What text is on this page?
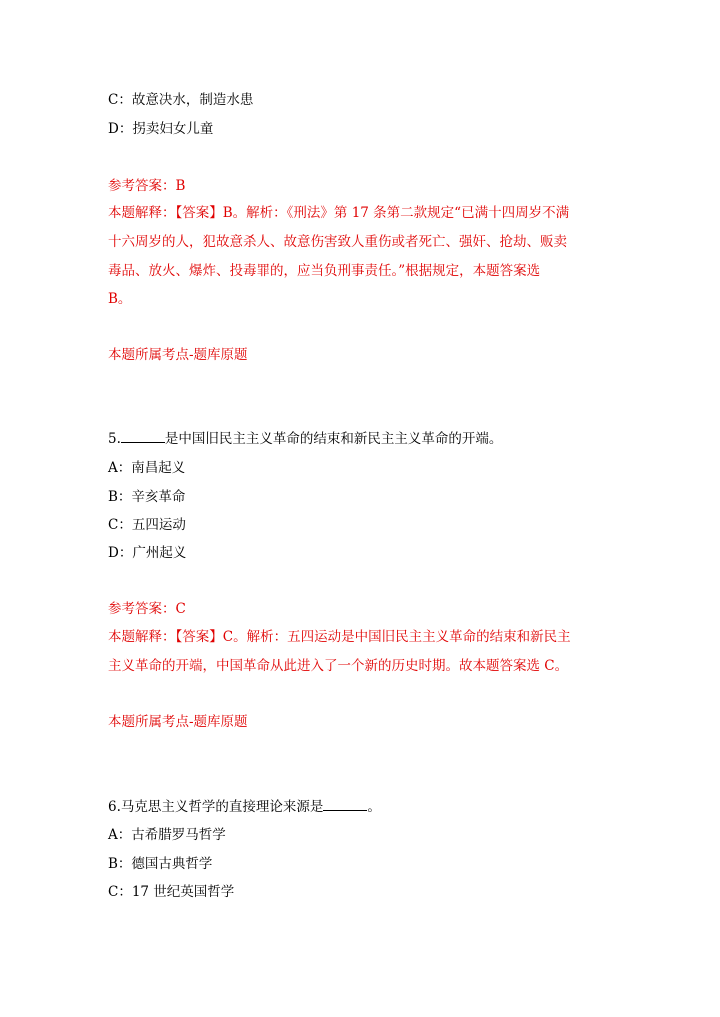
C：故意决水，制造水患
D：拐卖妇女儿童
参考答案：B
本题解释：【答案】B。解析：《刑法》第 17 条第二款规定“已满十四周岁不满
十六周岁的人，犯故意杀人、故意伤害致人重伤或者死亡、强奸、抢劫、贩卖
毒品、放火、爆炸、投毒罪的，应当负刑事责任。”根据规定，本题答案选
B。
本题所属考点-题库原题
5.	是中国旧民主主义革命的结束和新民主主义革命的开端。
A：南昌起义
B：辛亥革命
C：五四运动
D：广州起义
参考答案：C
本题解释：【答案】C。解析：五四运动是中国旧民主主义革命的结束和新民主
主义革命的开端，中国革命从此进入了一个新的历史时期。故本题答案选 C。
本题所属考点-题库原题
6.马克思主义哲学的直接理论来源是	。
A：古希腊罗马哲学
B：德国古典哲学
C：17 世纪英国哲学
